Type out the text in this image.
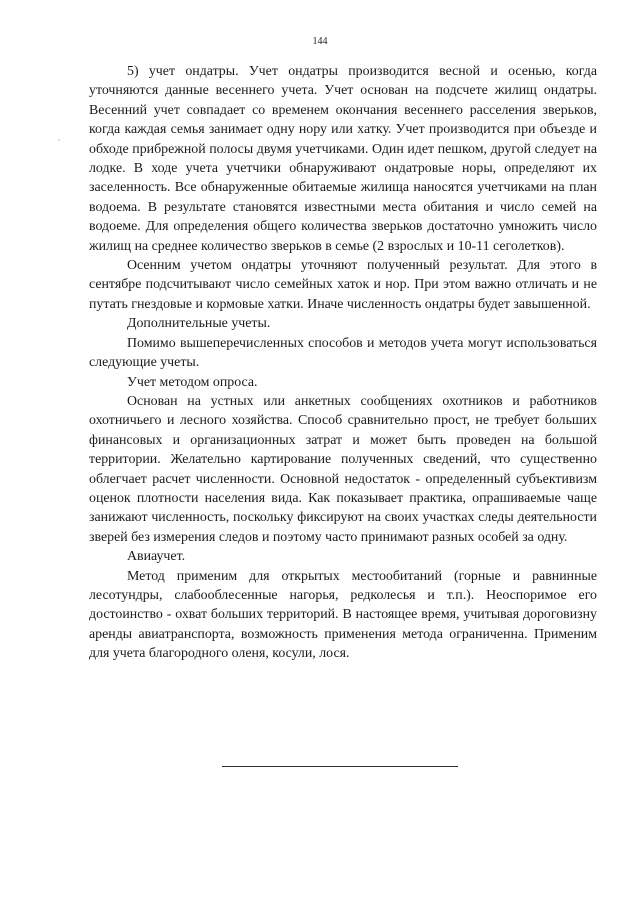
144
ˌ

5) учет ондатры. Учет ондатры производится весной и осенью, когда уточняются данные весеннего учета. Учет основан на подсчете жилищ ондатры. Весенний учет совпадает со временем окончания весеннего расселения зверьков, когда каждая семья занимает одну нору или хатку. Учет производится при объезде и обходе прибрежной полосы двумя учетчиками. Один идет пешком, другой следует на лодке. В ходе учета учетчики обнаруживают ондатровые норы, определяют их заселенность. Все обнаруженные обитаемые жилища наносятся учетчиками на план водоема. В результате становятся известными места обитания и число семей на водоеме. Для определения общего количества зверьков достаточно умножить число жилищ на среднее количество зверьков в семье (2 взрослых и 10-11 сеголетков).

Осенним учетом ондатры уточняют полученный результат. Для этого в сентябре подсчитывают число семейных хаток и нор. При этом важно отличать и не путать гнездовые и кормовые хатки. Иначе численность ондатры будет завышенной.

Дополнительные учеты.

Помимо вышеперечисленных способов и методов учета могут использоваться следующие учеты.

Учет методом опроса.

Основан на устных или анкетных сообщениях охотников и работников охотничьего и лесного хозяйства. Способ сравнительно прост, не требует больших финансовых и организационных затрат и может быть проведен на большой территории. Желательно картирование полученных сведений, что существенно облегчает расчет численности. Основной недостаток - определенный субъективизм оценок плотности населения вида. Как показывает практика, опрашиваемые чаще занижают численность, поскольку фиксируют на своих участках следы деятельности зверей без измерения следов и поэтому часто принимают разных особей за одну.

Авиаучет.

Метод применим для открытых местообитаний (горные и равнинные лесотундры, слабооблесенные нагорья, редколесья и т.п.). Неоспоримое его достоинство - охват больших территорий. В настоящее время, учитывая дороговизну аренды авиатранспорта, возможность применения метода ограниченна. Применим для учета благородного оленя, косули, лося.
